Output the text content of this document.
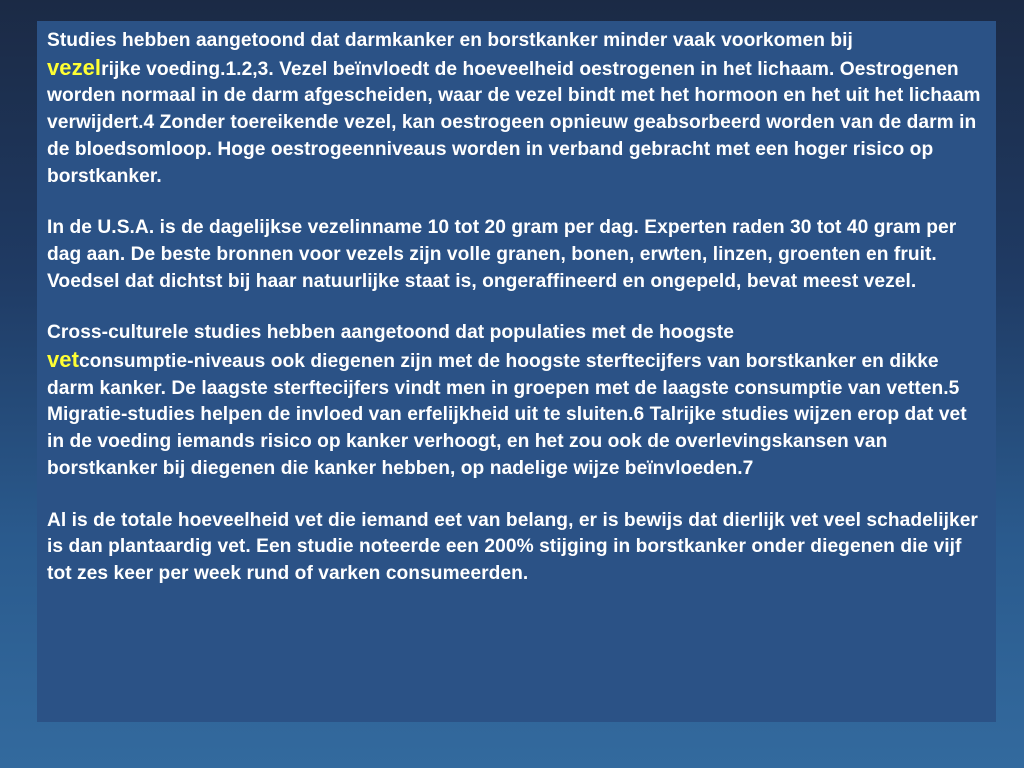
Studies hebben aangetoond dat darmkanker en borstkanker minder vaak voorkomen bij
vezelrijke voeding.1.2,3. Vezel beïnvloedt de hoeveelheid oestrogenen in het lichaam. Oestrogenen worden normaal in de darm afgescheiden, waar de vezel bindt met het hormoon en het uit het lichaam verwijdert.4 Zonder toereikende vezel, kan oestrogeen opnieuw geabsorbeerd worden van de darm in de bloedsomloop. Hoge oestrogeenniveaus worden in verband gebracht met een hoger risico op borstkanker.

In de U.S.A. is de dagelijkse vezelinname 10 tot 20 gram per dag. Experten raden 30 tot 40 gram per dag aan. De beste bronnen voor vezels zijn volle granen, bonen, erwten, linzen, groenten en fruit. Voedsel dat dichtst bij haar natuurlijke staat is, ongeraffineerd en ongepeld, bevat meest vezel.

Cross-culturele studies hebben aangetoond dat populaties met de hoogste
vetconsumptie-niveaus ook diegenen zijn met de hoogste sterftecijfers van borstkanker en dikke darm kanker. De laagste sterftecijfers vindt men in groepen met de laagste consumptie van vetten.5 Migratie-studies helpen de invloed van erfelijkheid uit te sluiten.6 Talrijke studies wijzen erop dat vet in de voeding iemands risico op kanker verhoogt, en het zou ook de overlevingskansen van borstkanker bij diegenen die kanker hebben, op nadelige wijze beïnvloeden.7

Al is de totale hoeveelheid vet die iemand eet van belang, er is bewijs dat dierlijk vet veel schadelijker is dan plantaardig vet. Een studie noteerde een 200% stijging in borstkanker onder diegenen die vijf tot zes keer per week rund of varken consumeerden.
